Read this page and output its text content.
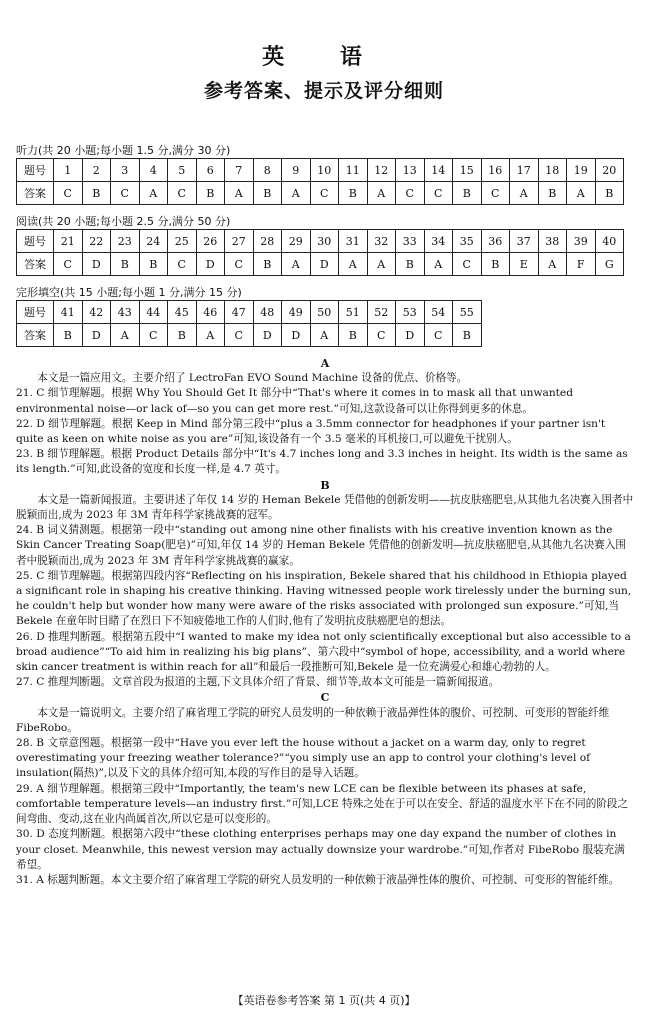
英 语
参考答案、提示及评分细则
听力(共 20 小题;每小题 1.5 分,满分 30 分)
题号	1	2	3	4	5	6	7	8	9	10	11	12	13	14	15	16	17	18	19	20
答案	C	B	C	A	C	B	A	B	A	C	B	A	C	C	B	C	A	B	A	B
阅读(共 20 小题;每小题 2.5 分,满分 50 分)
题号	21	22	23	24	25	26	27	28	29	30	31	32	33	34	35	36	37	38	39	40
答案	C	D	B	B	C	D	C	B	A	D	A	A	B	A	C	B	E	A	F	G
完形填空(共 15 小题;每小题 1 分,满分 15 分)
题号	41	42	43	44	45	46	47	48	49	50	51	52	53	54	55
答案	B	D	A	C	B	A	C	D	D	A	B	C	D	C	B
A
本文是一篇应用文。主要介绍了 LectroFan EVO Sound Machine 设备的优点、价格等。
21. C 细节理解题。根据 Why You Should Get It 部分中“That's where it comes in to mask all that unwanted environmental noise—or lack of—so you can get more rest.”可知,这款设备可以让你得到更多的休息。
22. D 细节理解题。根据 Keep in Mind 部分第三段中“plus a 3.5mm connector for headphones if your partner isn't quite as keen on white noise as you are”可知,该设备有一个 3.5 毫米的耳机接口,可以避免干扰别人。
23. B 细节理解题。根据 Product Details 部分中“It's 4.7 inches long and 3.3 inches in height. Its width is the same as its length.”可知,此设备的宽度和长度一样,是 4.7 英寸。
B
本文是一篇新闻报道。主要讲述了年仅 14 岁的 Heman Bekele 凭借他的创新发明——抗皮肤癌肥皂,从其他九名决赛入围者中脱颖而出,成为 2023 年 3M 青年科学家挑战赛的冠军。
24. B 词义猜测题。根据第一段中“standing out among nine other finalists with his creative invention known as the Skin Cancer Treating Soap(肥皂)”可知,年仅 14 岁的 Heman Bekele 凭借他的创新发明—抗皮肤癌肥皂,从其他九名决赛入围者中脱颖而出,成为 2023 年 3M 青年科学家挑战赛的赢家。
25. C 细节理解题。根据第四段内容“Reflecting on his inspiration, Bekele shared that his childhood in Ethiopia played a significant role in shaping his creative thinking. Having witnessed people work tirelessly under the burning sun, he couldn't help but wonder how many were aware of the risks associated with prolonged sun exposure.”可知,当 Bekele 在童年时目睹了在烈日下不知疲倦地工作的人们时,他有了发明抗皮肤癌肥皂的想法。
26. D 推理判断题。根据第五段中“I wanted to make my idea not only scientifically exceptional but also accessible to a broad audience”“To aid him in realizing his big plans”、第六段中“symbol of hope, accessibility, and a world where skin cancer treatment is within reach for all”和最后一段推断可知,Bekele 是一位充满爱心和雄心勃勃的人。
27. C 推理判断题。文章首段为报道的主题,下文具体介绍了背景、细节等,故本文可能是一篇新闻报道。
C
本文是一篇说明文。主要介绍了麻省理工学院的研究人员发明的一种依赖于液晶弹性体的腹价、可控制、可变形的智能纤维 FibeRobo。
28. B 文章意图题。根据第一段中“Have you ever left the house without a jacket on a warm day, only to regret overestimating your freezing weather tolerance?”“you simply use an app to control your clothing's level of insulation(隔热)”,以及下文的具体介绍可知,本段的写作目的是导入话题。
29. A 细节理解题。根据第三段中“Importantly, the team's new LCE can be flexible between its phases at safe, comfortable temperature levels—an industry first.”可知,LCE 特殊之处在于可以在安全、舒适的温度水平下在不同的阶段之间弯曲、变动,这在业内尚属首次,所以它是可以变形的。
30. D 态度判断题。根据第六段中“these clothing enterprises perhaps may one day expand the number of clothes in your closet. Meanwhile, this newest version may actually downsize your wardrobe.”可知,作者对 FibeRobo 服装充满希望。
31. A 标题判断题。本文主要介绍了麻省理工学院的研究人员发明的一种依赖于液晶弹性体的腹价、可控制、可变形的智能纤维。
【英语卷参考答案 第 1 页(共 4 页)】
